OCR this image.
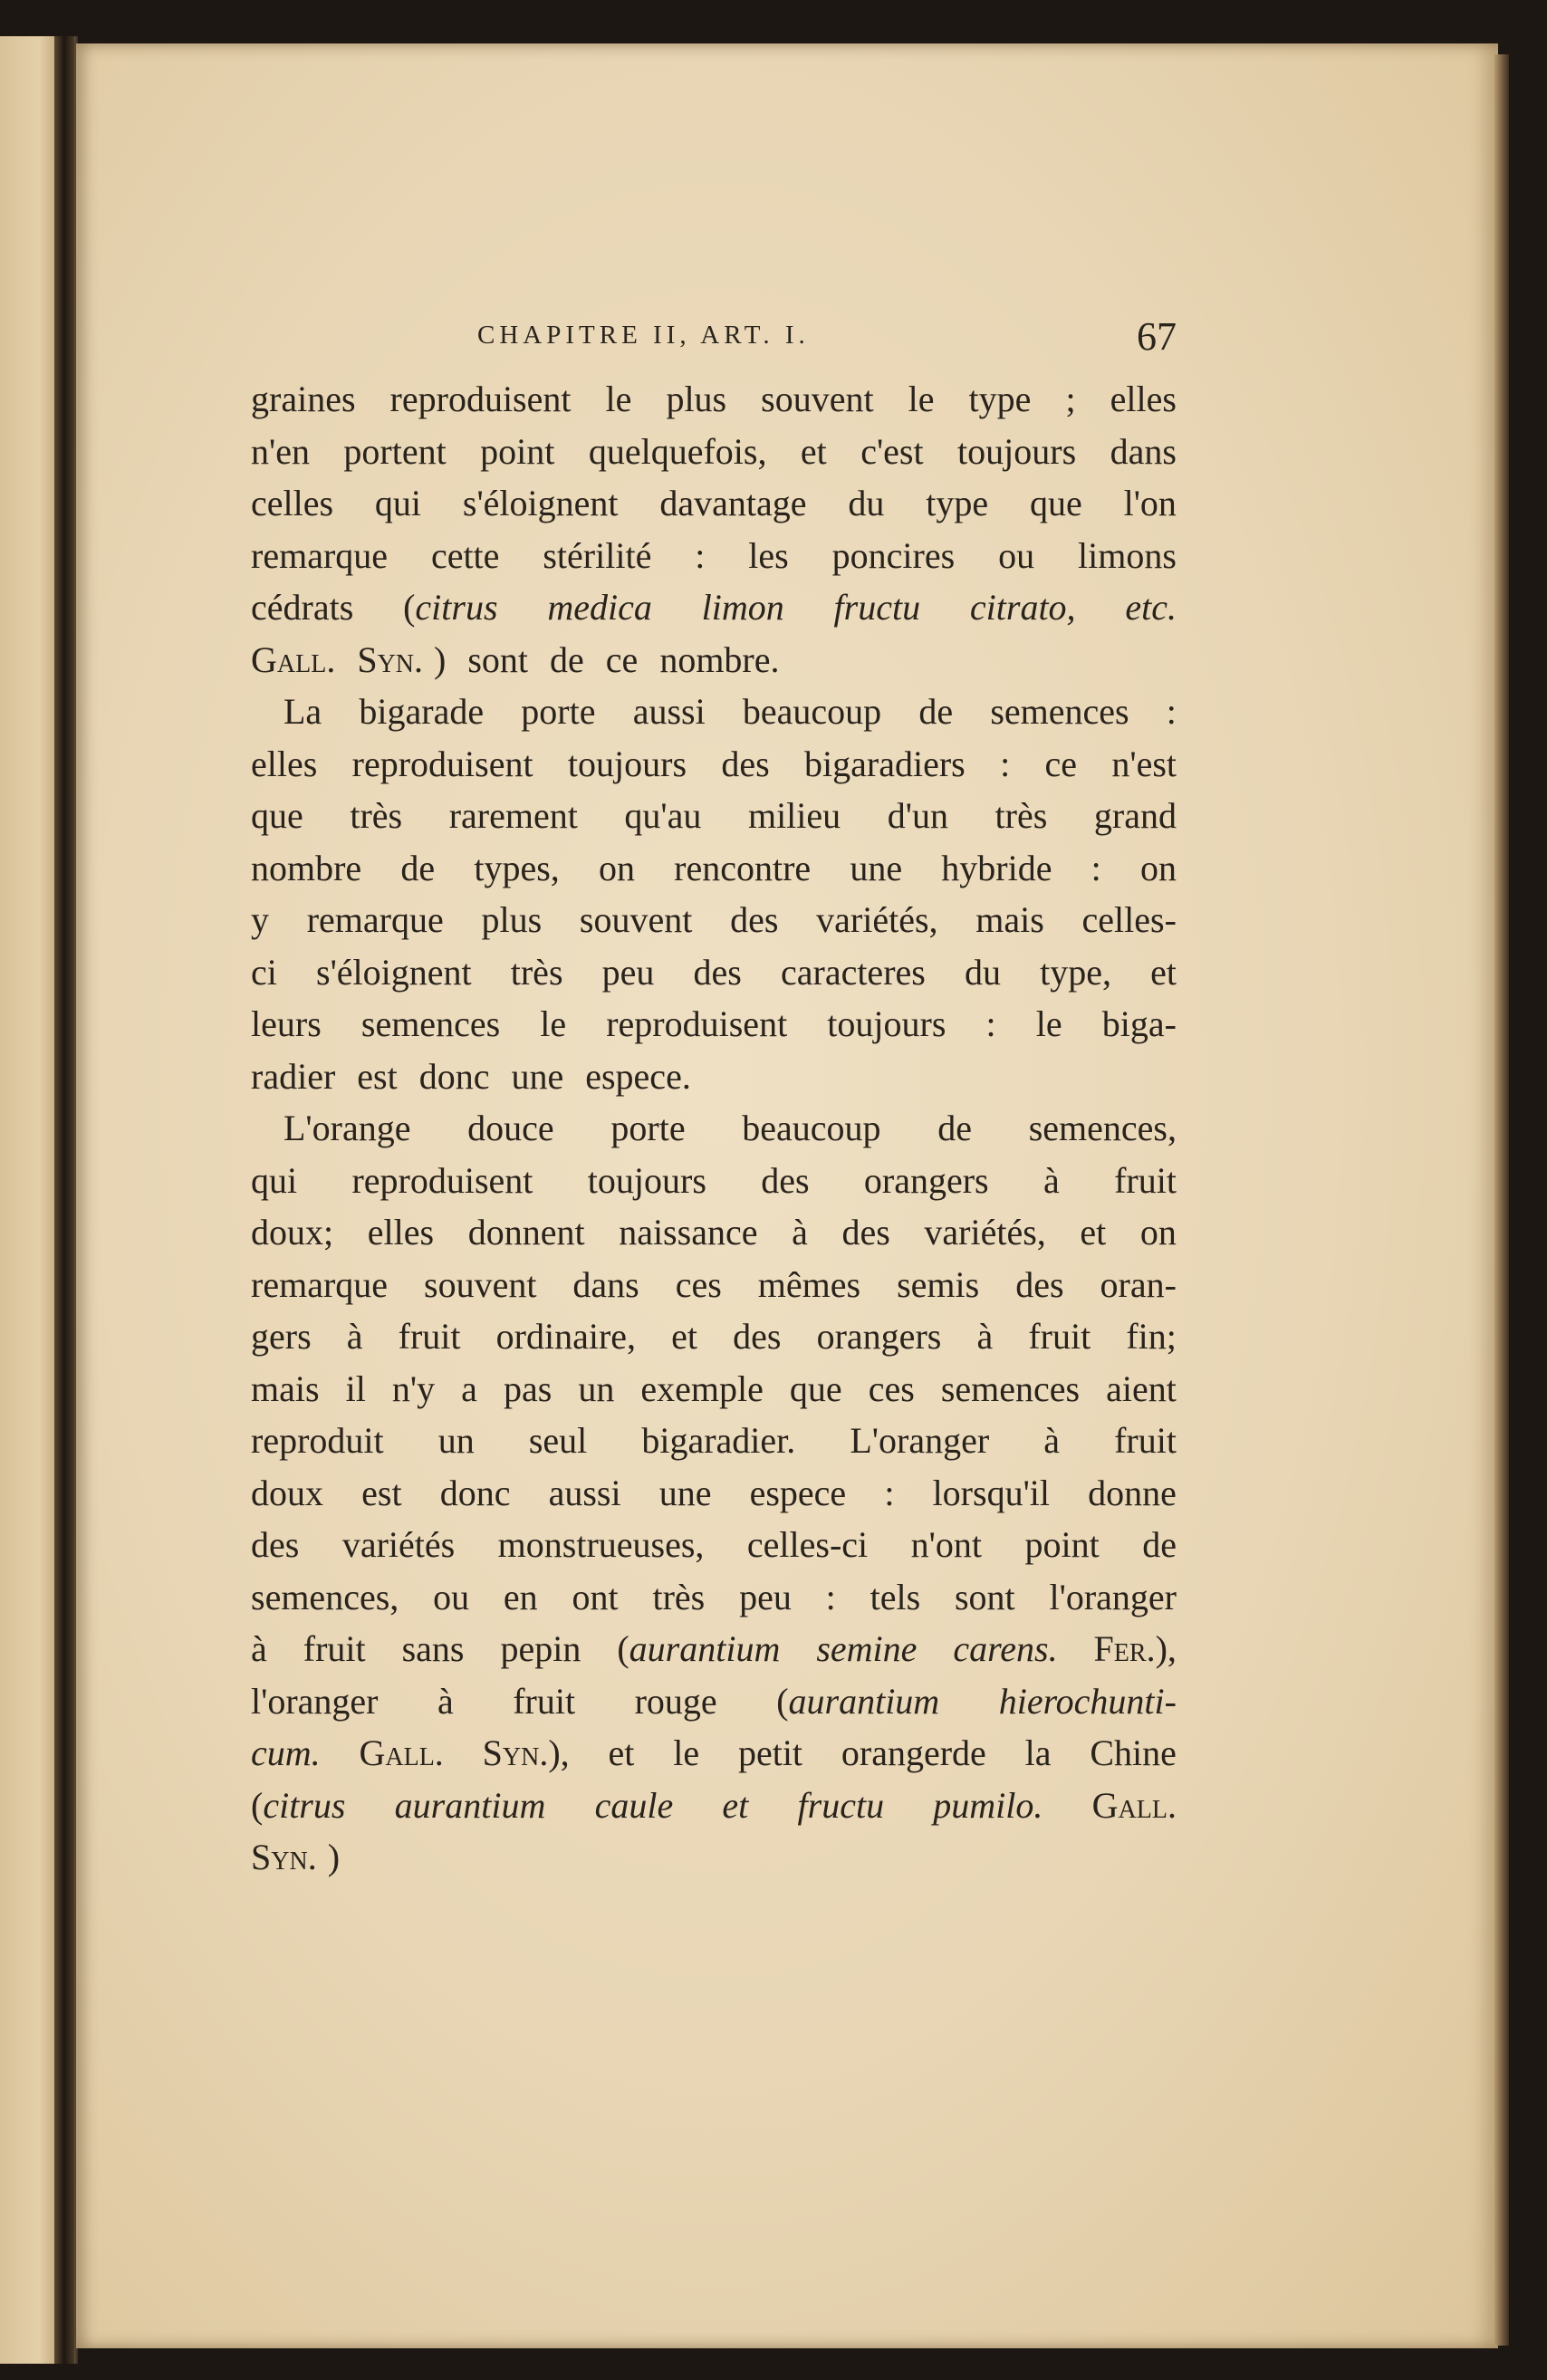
CHAPITRE II, ART. I.	67
graines reproduisent le plus souvent le type ; elles
n'en portent point quelquefois, et c'est toujours dans
celles qui s'éloignent davantage du type que l'on
remarque cette stérilité : les poncires ou limons
cédrats (citrus medica limon fructu citrato, etc.
Gall. Syn. ) sont de ce nombre.
La bigarade porte aussi beaucoup de semences :
elles reproduisent toujours des bigaradiers : ce n'est
que très rarement qu'au milieu d'un très grand
nombre de types, on rencontre une hybride : on
y remarque plus souvent des variétés, mais celles-
ci s'éloignent très peu des caracteres du type, et
leurs semences le reproduisent toujours : le biga-
radier est donc une espece.
L'orange douce porte beaucoup de semences,
qui reproduisent toujours des orangers à fruit
doux; elles donnent naissance à des variétés, et on
remarque souvent dans ces mêmes semis des oran-
gers à fruit ordinaire, et des orangers à fruit fin;
mais il n'y a pas un exemple que ces semences aient
reproduit un seul bigaradier. L'oranger à fruit
doux est donc aussi une espece : lorsqu'il donne
des variétés monstrueuses, celles-ci n'ont point de
semences, ou en ont très peu : tels sont l'oranger
à fruit sans pepin (aurantium semine carens. Fer.),
l'oranger à fruit rouge (aurantium hierochunti-
cum. Gall. Syn.), et le petit orangerde la Chine
(citrus aurantium caule et fructu pumilo. Gall.
Syn. )
